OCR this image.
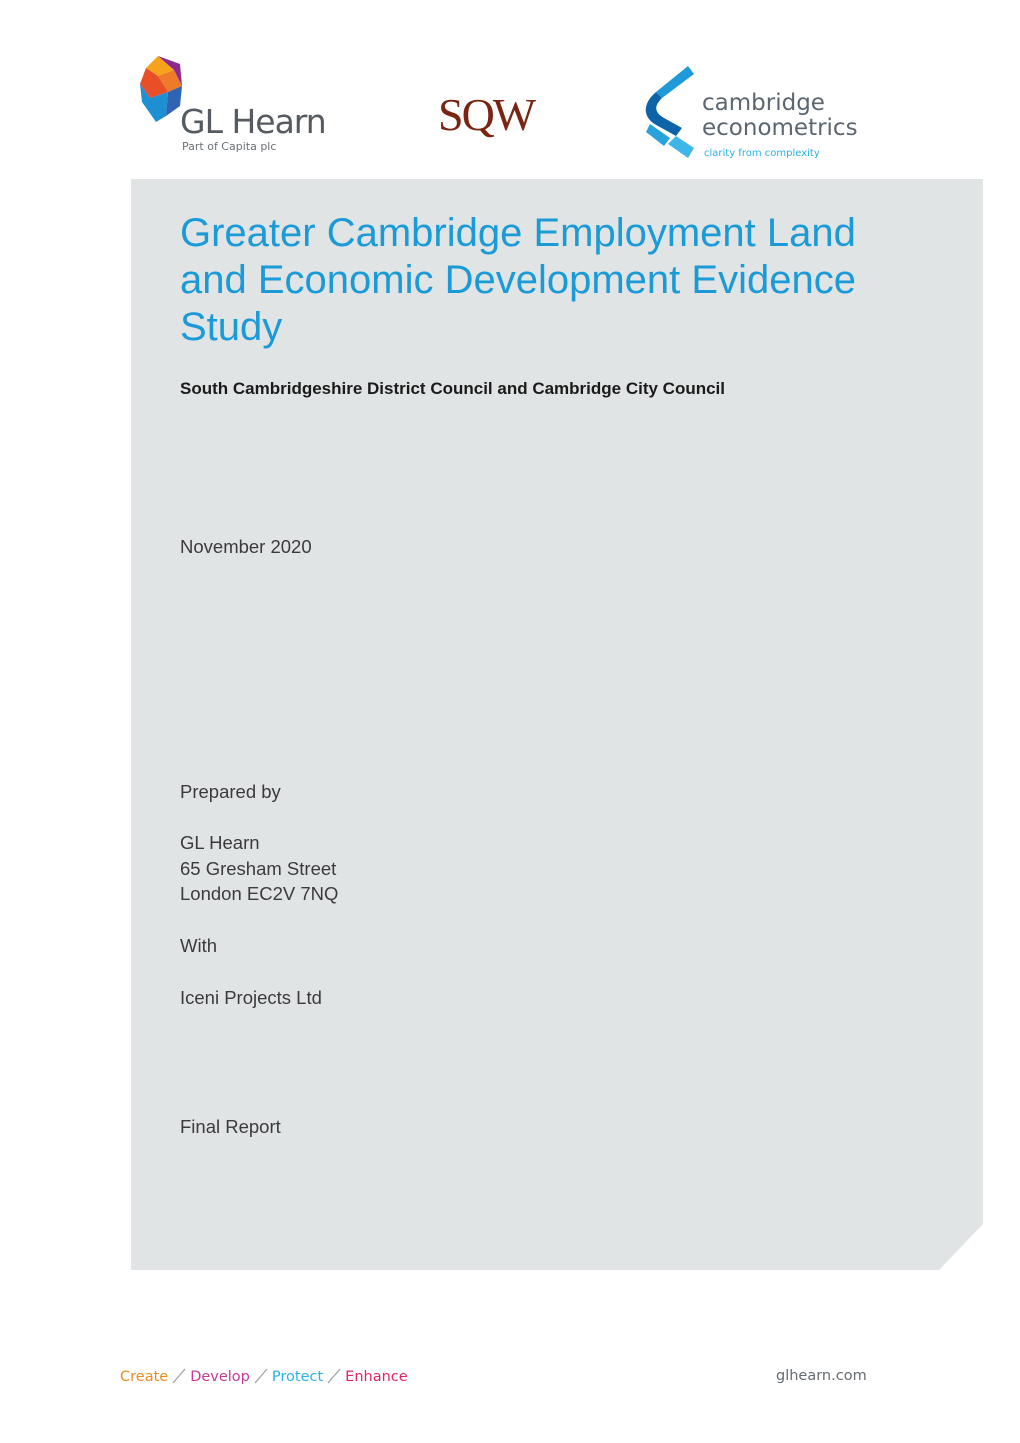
GL Hearn
Part of Capita plc
SQW	cambridge
econometrics
clarity from complexity
Greater Cambridge Employment Land and Economic Development Evidence Study
South Cambridgeshire District Council and Cambridge City Council
November 2020
Prepared by
GL Hearn
65 Gresham Street
London EC2V 7NQ
With
Iceni Projects Ltd
Final Report
Create Develop Protect Enhance	glhearn.com
